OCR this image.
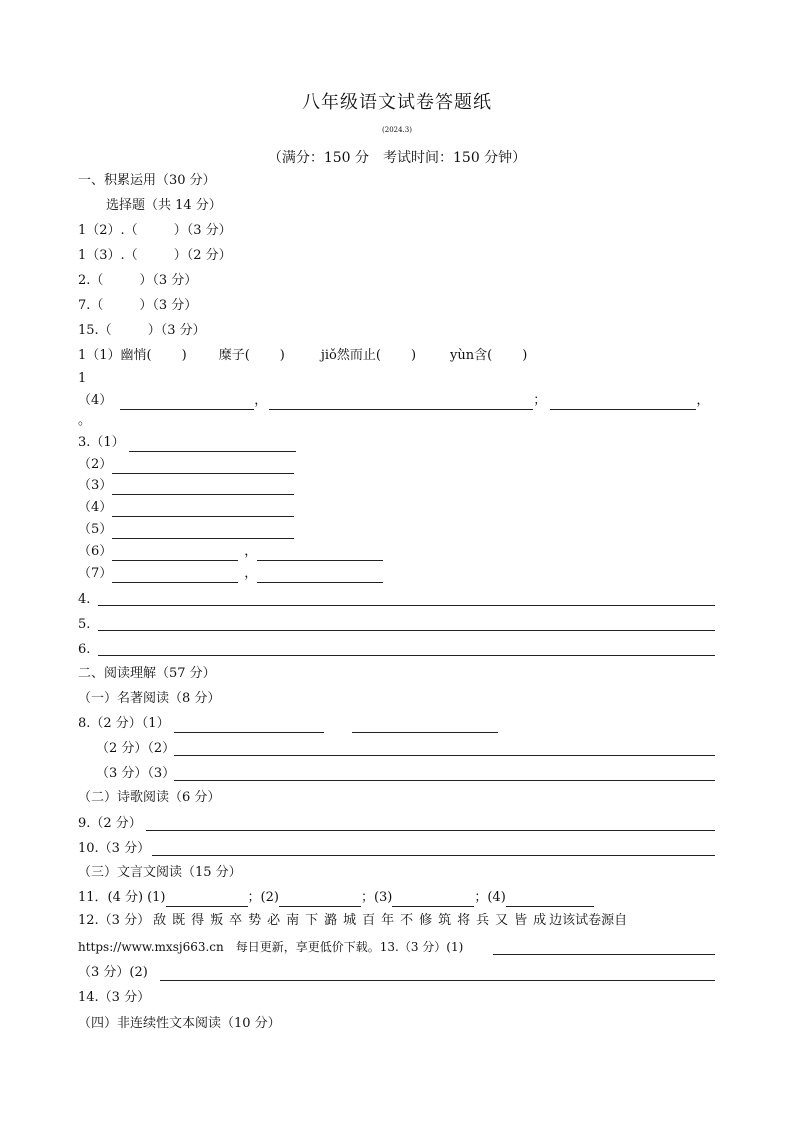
八年级语文试卷答题纸
(2024.3)
（满分：150 分　考试时间：150 分钟）
一、积累运用（30 分）
选择题（共 14 分）
1（2）.（	）（3 分）
1（3）.（	）（2 分）
2.（	）（3 分）
7.（	）（3 分）
15.（	）（3 分）
1（1）幽悄( ) 糜子( )	jiǒ然而止( )	yùn含( )
1
（4）	，	；	，
。
3.（1）
（2）
（3）
（4）
（5）
（6）	，
（7）	，
4.
5.
6.
二、阅读理解（57 分）
（一）名著阅读（8 分）
8.（2 分）（1）
（2 分）（2）
（3 分）（3）
（二）诗歌阅读（6 分）
9.（2 分）
10.（3 分）
（三）文言文阅读（15 分）
11．(4 分) (1)	；(2)	；(3)	；(4)
12.（3 分） 敌 既 得 叛 卒 势 必 南 下 潞 城 百 年 不 修 筑 将 兵 又 皆 成 边该试卷源自
https://www.mxsj663.cn　每日更新，享更低价下载。13.（3 分）(1)
（3 分）(2)
14.（3 分）
（四）非连续性文本阅读（10 分）
